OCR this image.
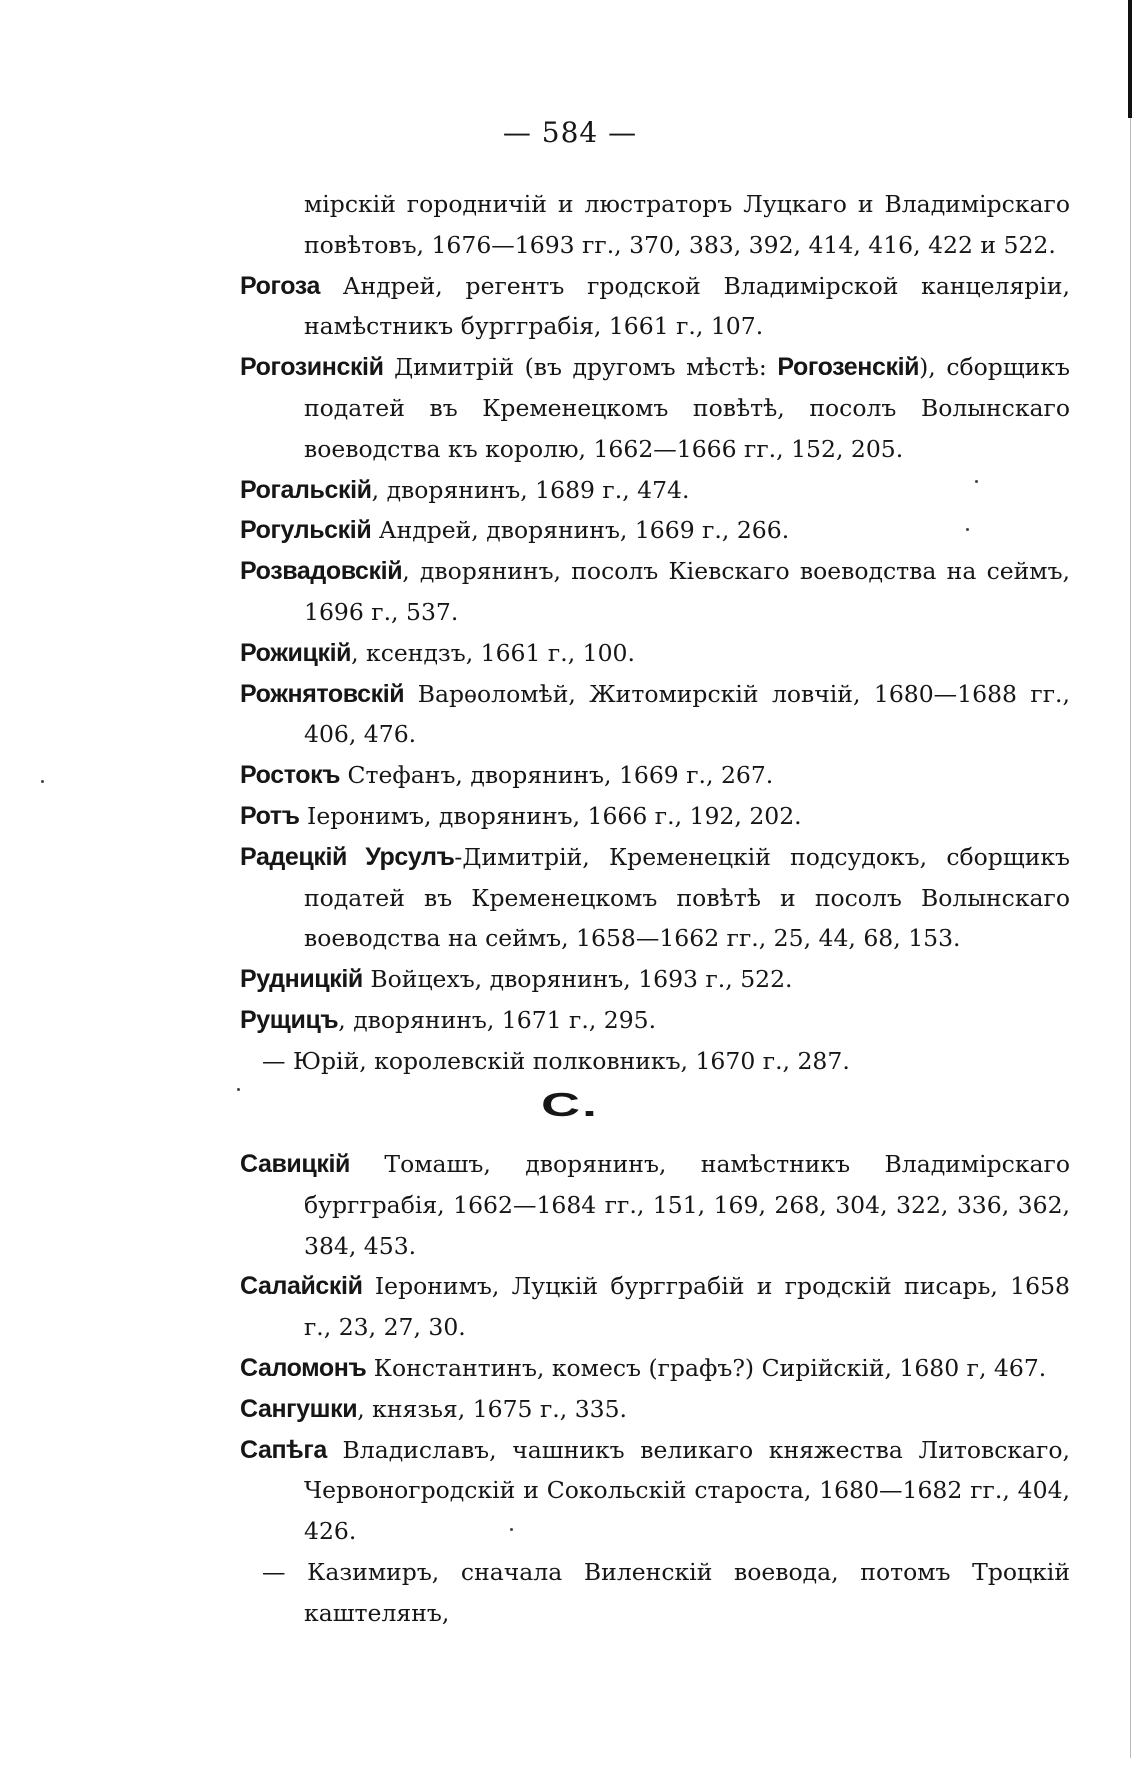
— 584 —

мірскій городничій и люстраторъ Луцкаго и Владимірскаго повѣтовъ, 1676—1693 гг., 370, 383, 392, 414, 416, 422 и 522.

Рогоза Андрей, регентъ гродской Владимірской канцеляріи, намѣстникъ бургграбія, 1661 г., 107.

Рогозинскій Димитрій (въ другомъ мѣстѣ: Рогозенскій), сборщикъ податей въ Кременецкомъ повѣтѣ, посолъ Волынскаго воеводства къ королю, 1662—1666 гг., 152, 205.

Рогальскій, дворянинъ, 1689 г., 474.

Рогульскій Андрей, дворянинъ, 1669 г., 266.

Розвадовскій, дворянинъ, посолъ Кіевскаго воеводства на сеймъ, 1696 г., 537.

Рожицкій, ксендзъ, 1661 г., 100.

Рожнятовскій Варѳоломѣй, Житомирскій ловчій, 1680—1688 гг., 406, 476.

Ростокъ Стефанъ, дворянинъ, 1669 г., 267.

Ротъ Іеронимъ, дворянинъ, 1666 г., 192, 202.

Радецкій Урсулъ-Димитрій, Кременецкій подсудокъ, сборщикъ податей въ Кременецкомъ повѣтѣ и посолъ Волынскаго воеводства на сеймъ, 1658—1662 гг., 25, 44, 68, 153.

Рудницкій Войцехъ, дворянинъ, 1693 г., 522.

Рущицъ, дворянинъ, 1671 г., 295.

— Юрій, королевскій полковникъ, 1670 г., 287.

С.

Савицкій Томашъ, дворянинъ, намѣстникъ Владимірскаго бургграбія, 1662—1684 гг., 151, 169, 268, 304, 322, 336, 362, 384, 453.

Салайскій Іеронимъ, Луцкій бургграбій и гродскій писарь, 1658 г., 23, 27, 30.

Саломонъ Константинъ, комесъ (графъ?) Сирійскій, 1680 г, 467.

Сангушки, князья, 1675 г., 335.

Сапѣга Владиславъ, чашникъ великаго княжества Литовскаго, Червоногродскій и Сокольскій староста, 1680—1682 гг., 404, 426.

— Казимиръ, сначала Виленскій воевода, потомъ Троцкій каштелянъ,
